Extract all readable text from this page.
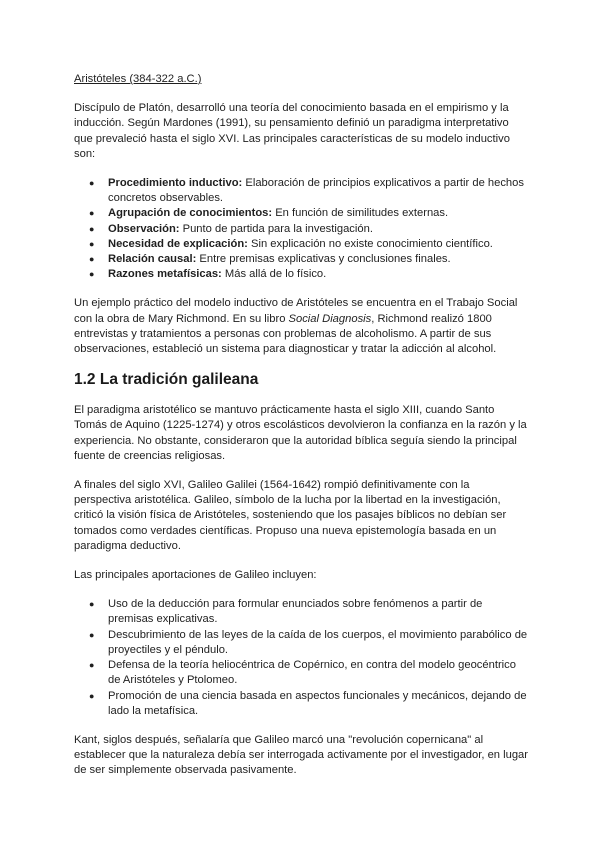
Aristóteles (384-322 a.C.)

Discípulo de Platón, desarrolló una teoría del conocimiento basada en el empirismo y la inducción. Según Mardones (1991), su pensamiento definió un paradigma interpretativo que prevaleció hasta el siglo XVI. Las principales características de su modelo inductivo son:

● Procedimiento inductivo: Elaboración de principios explicativos a partir de hechos concretos observables.
● Agrupación de conocimientos: En función de similitudes externas.
● Observación: Punto de partida para la investigación.
● Necesidad de explicación: Sin explicación no existe conocimiento científico.
● Relación causal: Entre premisas explicativas y conclusiones finales.
● Razones metafísicas: Más allá de lo físico.

Un ejemplo práctico del modelo inductivo de Aristóteles se encuentra en el Trabajo Social con la obra de Mary Richmond. En su libro Social Diagnosis, Richmond realizó 1800 entrevistas y tratamientos a personas con problemas de alcoholismo. A partir de sus observaciones, estableció un sistema para diagnosticar y tratar la adicción al alcohol.

1.2 La tradición galileana

El paradigma aristotélico se mantuvo prácticamente hasta el siglo XIII, cuando Santo Tomás de Aquino (1225-1274) y otros escolásticos devolvieron la confianza en la razón y la experiencia. No obstante, consideraron que la autoridad bíblica seguía siendo la principal fuente de creencias religiosas.

A finales del siglo XVI, Galileo Galilei (1564-1642) rompió definitivamente con la perspectiva aristotélica. Galileo, símbolo de la lucha por la libertad en la investigación, criticó la visión física de Aristóteles, sosteniendo que los pasajes bíblicos no debían ser tomados como verdades científicas. Propuso una nueva epistemología basada en un paradigma deductivo.

Las principales aportaciones de Galileo incluyen:

● Uso de la deducción para formular enunciados sobre fenómenos a partir de premisas explicativas.
● Descubrimiento de las leyes de la caída de los cuerpos, el movimiento parabólico de proyectiles y el péndulo.
● Defensa de la teoría heliocéntrica de Copérnico, en contra del modelo geocéntrico de Aristóteles y Ptolomeo.
● Promoción de una ciencia basada en aspectos funcionales y mecánicos, dejando de lado la metafísica.

Kant, siglos después, señalaría que Galileo marcó una "revolución copernicana" al establecer que la naturaleza debía ser interrogada activamente por el investigador, en lugar de ser simplemente observada pasivamente.
